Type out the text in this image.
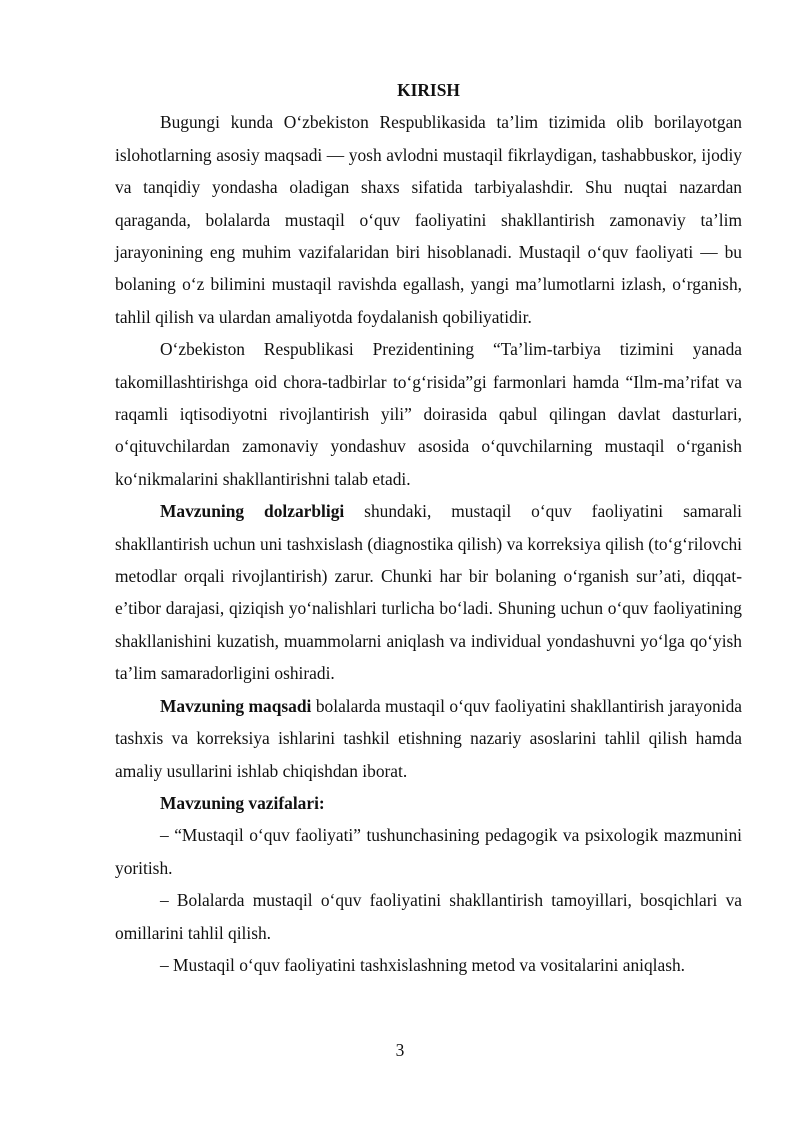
KIRISH

Bugungi kunda O‘zbekiston Respublikasida ta’lim tizimida olib borilayotgan islohotlarning asosiy maqsadi — yosh avlodni mustaqil fikrlaydigan, tashabbuskor, ijodiy va tanqidiy yondasha oladigan shaxs sifatida tarbiyalashdir. Shu nuqtai nazardan qaraganda, bolalarda mustaqil o‘quv faoliyatini shakllantirish zamonaviy ta’lim jarayonining eng muhim vazifalaridan biri hisoblanadi. Mustaqil o‘quv faoliyati — bu bolaning o‘z bilimini mustaqil ravishda egallash, yangi ma’lumotlarni izlash, o‘rganish, tahlil qilish va ulardan amaliyotda foydalanish qobiliyatidir.

O‘zbekiston Respublikasi Prezidentining “Ta’lim-tarbiya tizimini yanada takomillashtirishga oid chora-tadbirlar to‘g‘risida”gi farmonlari hamda “Ilm-ma’rifat va raqamli iqtisodiyotni rivojlantirish yili” doirasida qabul qilingan davlat dasturlari, o‘qituvchilardan zamonaviy yondashuv asosida o‘quvchilarning mustaqil o‘rganish ko‘nikmalarini shakllantirishni talab etadi.

Mavzuning dolzarbligi shundaki, mustaqil o‘quv faoliyatini samarali shakllantirish uchun uni tashxislash (diagnostika qilish) va korreksiya qilish (to‘g‘rilovchi metodlar orqali rivojlantirish) zarur. Chunki har bir bolaning o‘rganish sur’ati, diqqat-e’tibor darajasi, qiziqish yo‘nalishlari turlicha bo‘ladi. Shuning uchun o‘quv faoliyatining shakllanishini kuzatish, muammolarni aniqlash va individual yondashuvni yo‘lga qo‘yish ta’lim samaradorligini oshiradi.

Mavzuning maqsadi bolalarda mustaqil o‘quv faoliyatini shakllantirish jarayonida tashxis va korreksiya ishlarini tashkil etishning nazariy asoslarini tahlil qilish hamda amaliy usullarini ishlab chiqishdan iborat.

Mavzuning vazifalari:

– “Mustaqil o‘quv faoliyati” tushunchasining pedagogik va psixologik mazmunini yoritish.

– Bolalarda mustaqil o‘quv faoliyatini shakllantirish tamoyillari, bosqichlari va omillarini tahlil qilish.

– Mustaqil o‘quv faoliyatini tashxislashning metod va vositalarini aniqlash.

3
